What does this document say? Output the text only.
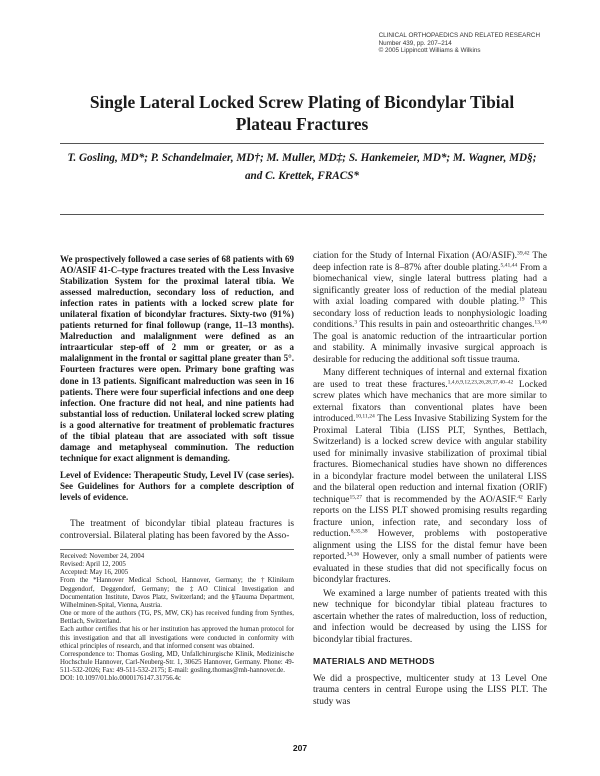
CLINICAL ORTHOPAEDICS AND RELATED RESEARCH
Number 439, pp. 207–214
© 2005 Lippincott Williams & Wilkins
Single Lateral Locked Screw Plating of Bicondylar Tibial Plateau Fractures
T. Gosling, MD*; P. Schandelmaier, MD†; M. Muller, MD‡; S. Hankemeier, MD*; M. Wagner, MD§; and C. Krettek, FRACS*

We prospectively followed a case series of 68 patients with 69 AO/ASIF 41-C–type fractures treated with the Less Invasive Stabilization System for the proximal lateral tibia. We assessed malreduction, secondary loss of reduction, and infection rates in patients with a locked screw plate for unilateral fixation of bicondylar fractures. Sixty-two (91%) patients returned for final followup (range, 11–13 months). Malreduction and malalignment were defined as an intraarticular step-off of 2 mm or greater, or as a malalignment in the frontal or sagittal plane greater than 5°. Fourteen fractures were open. Primary bone grafting was done in 13 patients. Significant malreduction was seen in 16 patients. There were four superficial infections and one deep infection. One fracture did not heal, and nine patients had substantial loss of reduction. Unilateral locked screw plating is a good alternative for treatment of problematic fractures of the tibial plateau that are associated with soft tissue damage and metaphyseal comminution. The reduction technique for exact alignment is demanding.

Level of Evidence: Therapeutic Study, Level IV (case series). See Guidelines for Authors for a complete description of levels of evidence.

The treatment of bicondylar tibial plateau fractures is controversial. Bilateral plating has been favored by the Asso-

Received: November 24, 2004
Revised: April 12, 2005
Accepted: May 16, 2005
From the *Hannover Medical School, Hannover, Germany; the †Klinikum Deggendorf, Deggendorf, Germany; the ‡AO Clinical Investigation and Documentation Institute, Davos Platz, Switzerland; and the §Tauuma Department, Wilhelminen-Spital, Vienna, Austria.
One or more of the authors (TG, PS, MW, CK) has received funding from Synthes, Bettlach, Switzerland.
Each author certifies that his or her institution has approved the human protocol for this investigation and that all investigations were conducted in conformity with ethical principles of research, and that informed consent was obtained.
Correspondence to: Thomas Gosling, MD, Unfallchirurgische Klinik, Medizinische Hochschule Hannover, Carl-Neuberg-Str. 1, 30625 Hannover, Germany. Phone: 49-511-532-2026; Fax: 49-511-532-2175; E-mail: gosling.thomas@mh-hannover.de.
DOI: 10.1097/01.blo.0000176147.31756.4c

ciation for the Study of Internal Fixation (AO/ASIF).$^{39,42}$ The deep infection rate is 8–87% after double plating.$^{5,41,44}$ From a biomechanical view, single lateral buttress plating had a significantly greater loss of reduction of the medial plateau with axial loading compared with double plating.$^{19}$ This secondary loss of reduction leads to nonphysiologic loading conditions.$^3$ This results in pain and osteoarthritic changes.$^{13,40}$ The goal is anatomic reduction of the intraarticular portion and stability. A minimally invasive surgical approach is desirable for reducing the additional soft tissue trauma.

Many different techniques of internal and external fixation are used to treat these fractures.$^{1,4,6,9,12,23,26,28,37,40-42}$ Locked screw plates which have mechanics that are more similar to external fixators than conventional plates have been introduced.$^{10,11,24}$ The Less Invasive Stabilizing System for the Proximal Lateral Tibia (LISS PLT, Synthes, Bettlach, Switzerland) is a locked screw device with angular stability used for minimally invasive stabilization of proximal tibial fractures. Biomechanical studies have shown no differences in a bicondylar fracture model between the unilateral LISS and the bilateral open reduction and internal fixation (ORIF) technique$^{15,27}$ that is recommended by the AO/ASIF.$^{42}$ Early reports on the LISS PLT showed promising results regarding fracture union, infection rate, and secondary loss of reduction.$^{8,35,38}$ However, problems with postoperative alignment using the LISS for the distal femur have been reported.$^{34,36}$ However, only a small number of patients were evaluated in these studies that did not specifically focus on bicondylar fractures.

We examined a large number of patients treated with this new technique for bicondylar tibial plateau fractures to ascertain whether the rates of malreduction, loss of reduction, and infection would be decreased by using the LISS for bicondylar tibial fractures.

MATERIALS AND METHODS

We did a prospective, multicenter study at 13 Level One trauma centers in central Europe using the LISS PLT. The study was

207
